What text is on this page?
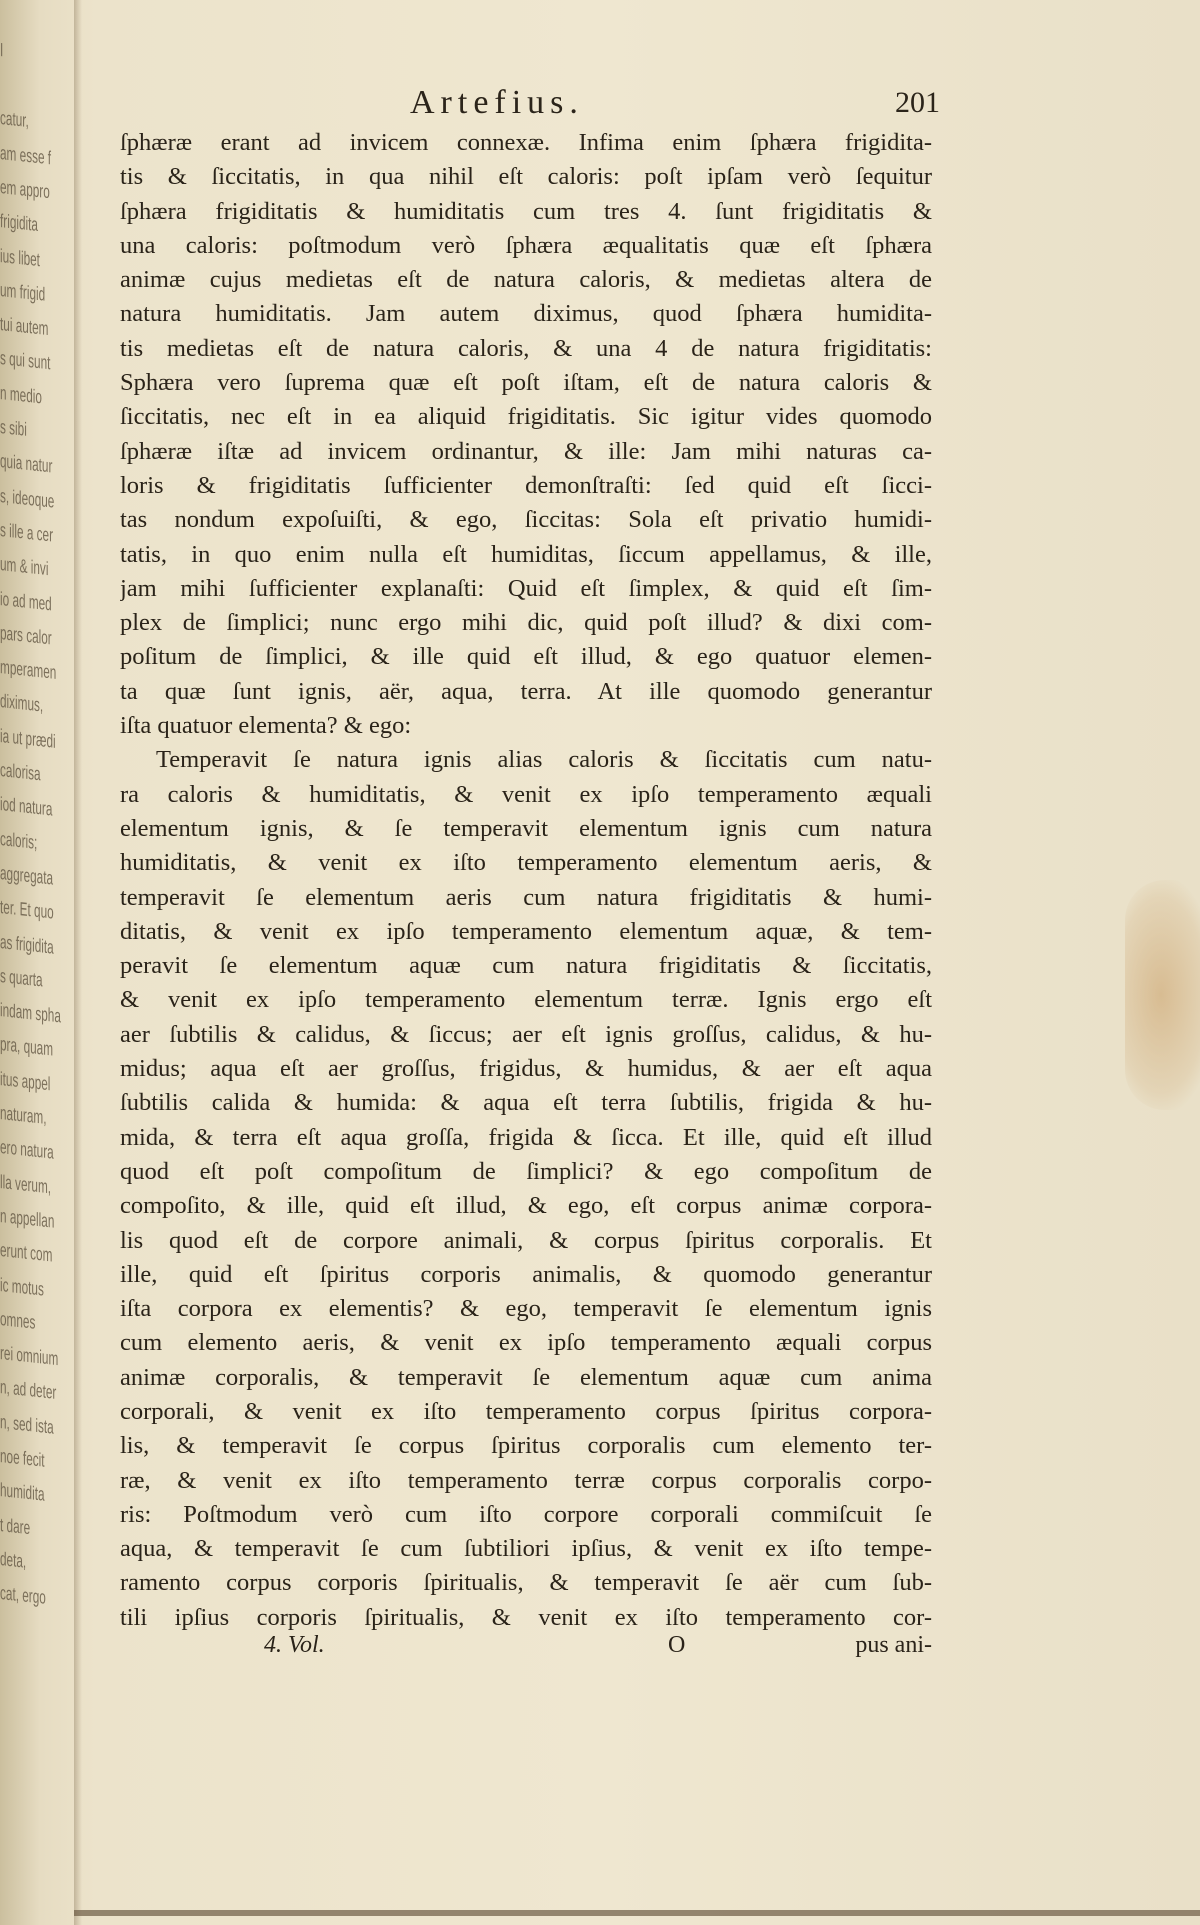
I
catur,
am esse f
em appro
frigidita
ius libet
um frigid
tui autem
s qui sunt
n medio
s sibi
quia natur
s, ideoque
s ille a cer
um & invi
io ad med
pars calor
mperamen
diximus,
ia ut prædi
calorisa
iod natura
caloris;
aggregata
ter. Et quo
as frigidita
s quarta
indam spha
pra, quam
itus appel
naturam,
ero natura
lla verum,
n appellan
erunt com
ic motus
omnes
rei omnium
n, ad deter
n, sed ista
noe fecit
humidita
t dare
deta,
cat, ergo
Artefius.	201
ſphæræ erant ad invicem connexæ. Infima enim ſphæra frigidita-
tis & ſiccitatis, in qua nihil eſt caloris: poſt ipſam verò ſequitur
ſphæra frigiditatis & humiditatis cum tres 4. ſunt frigiditatis &
una caloris: poſtmodum verò ſphæra æqualitatis quæ eſt ſphæra
animæ cujus medietas eſt de natura caloris, & medietas altera de
natura humiditatis. Jam autem diximus, quod ſphæra humidita-
tis medietas eſt de natura caloris, & una 4 de natura frigiditatis:
Sphæra vero ſuprema quæ eſt poſt iſtam, eſt de natura caloris &
ſiccitatis, nec eſt in ea aliquid frigiditatis. Sic igitur vides quomodo
ſphæræ iſtæ ad invicem ordinantur, & ille: Jam mihi naturas ca-
loris & frigiditatis ſufficienter demonſtraſti: ſed quid eſt ſicci-
tas nondum expoſuiſti, & ego, ſiccitas: Sola eſt privatio humidi-
tatis, in quo enim nulla eſt humiditas, ſiccum appellamus, & ille,
jam mihi ſufficienter explanaſti: Quid eſt ſimplex, & quid eſt ſim-
plex de ſimplici; nunc ergo mihi dic, quid poſt illud? & dixi com-
poſitum de ſimplici, & ille quid eſt illud, & ego quatuor elemen-
ta quæ ſunt ignis, aër, aqua, terra. At ille quomodo generantur
iſta quatuor elementa? & ego:
Temperavit ſe natura ignis alias caloris & ſiccitatis cum natu-
ra caloris & humiditatis, & venit ex ipſo temperamento æquali
elementum ignis, & ſe temperavit elementum ignis cum natura
humiditatis, & venit ex iſto temperamento elementum aeris, &
temperavit ſe elementum aeris cum natura frigiditatis & humi-
ditatis, & venit ex ipſo temperamento elementum aquæ, & tem-
peravit ſe elementum aquæ cum natura frigiditatis & ſiccitatis,
& venit ex ipſo temperamento elementum terræ. Ignis ergo eſt
aer ſubtilis & calidus, & ſiccus; aer eſt ignis groſſus, calidus, & hu-
midus; aqua eſt aer groſſus, frigidus, & humidus, & aer eſt aqua
ſubtilis calida & humida: & aqua eſt terra ſubtilis, frigida & hu-
mida, & terra eſt aqua groſſa, frigida & ſicca. Et ille, quid eſt illud
quod eſt poſt compoſitum de ſimplici? & ego compoſitum de
compoſito, & ille, quid eſt illud, & ego, eſt corpus animæ corpora-
lis quod eſt de corpore animali, & corpus ſpiritus corporalis. Et
ille, quid eſt ſpiritus corporis animalis, & quomodo generantur
iſta corpora ex elementis? & ego, temperavit ſe elementum ignis
cum elemento aeris, & venit ex ipſo temperamento æquali corpus
animæ corporalis, & temperavit ſe elementum aquæ cum anima
corporali, & venit ex iſto temperamento corpus ſpiritus corpora-
lis, & temperavit ſe corpus ſpiritus corporalis cum elemento ter-
ræ, & venit ex iſto temperamento terræ corpus corporalis corpo-
ris: Poſtmodum verò cum iſto corpore corporali commiſcuit ſe
aqua, & temperavit ſe cum ſubtiliori ipſius, & venit ex iſto tempe-
ramento corpus corporis ſpiritualis, & temperavit ſe aër cum ſub-
tili ipſius corporis ſpiritualis, & venit ex iſto temperamento cor-
4. Vol.	O	pus ani-
